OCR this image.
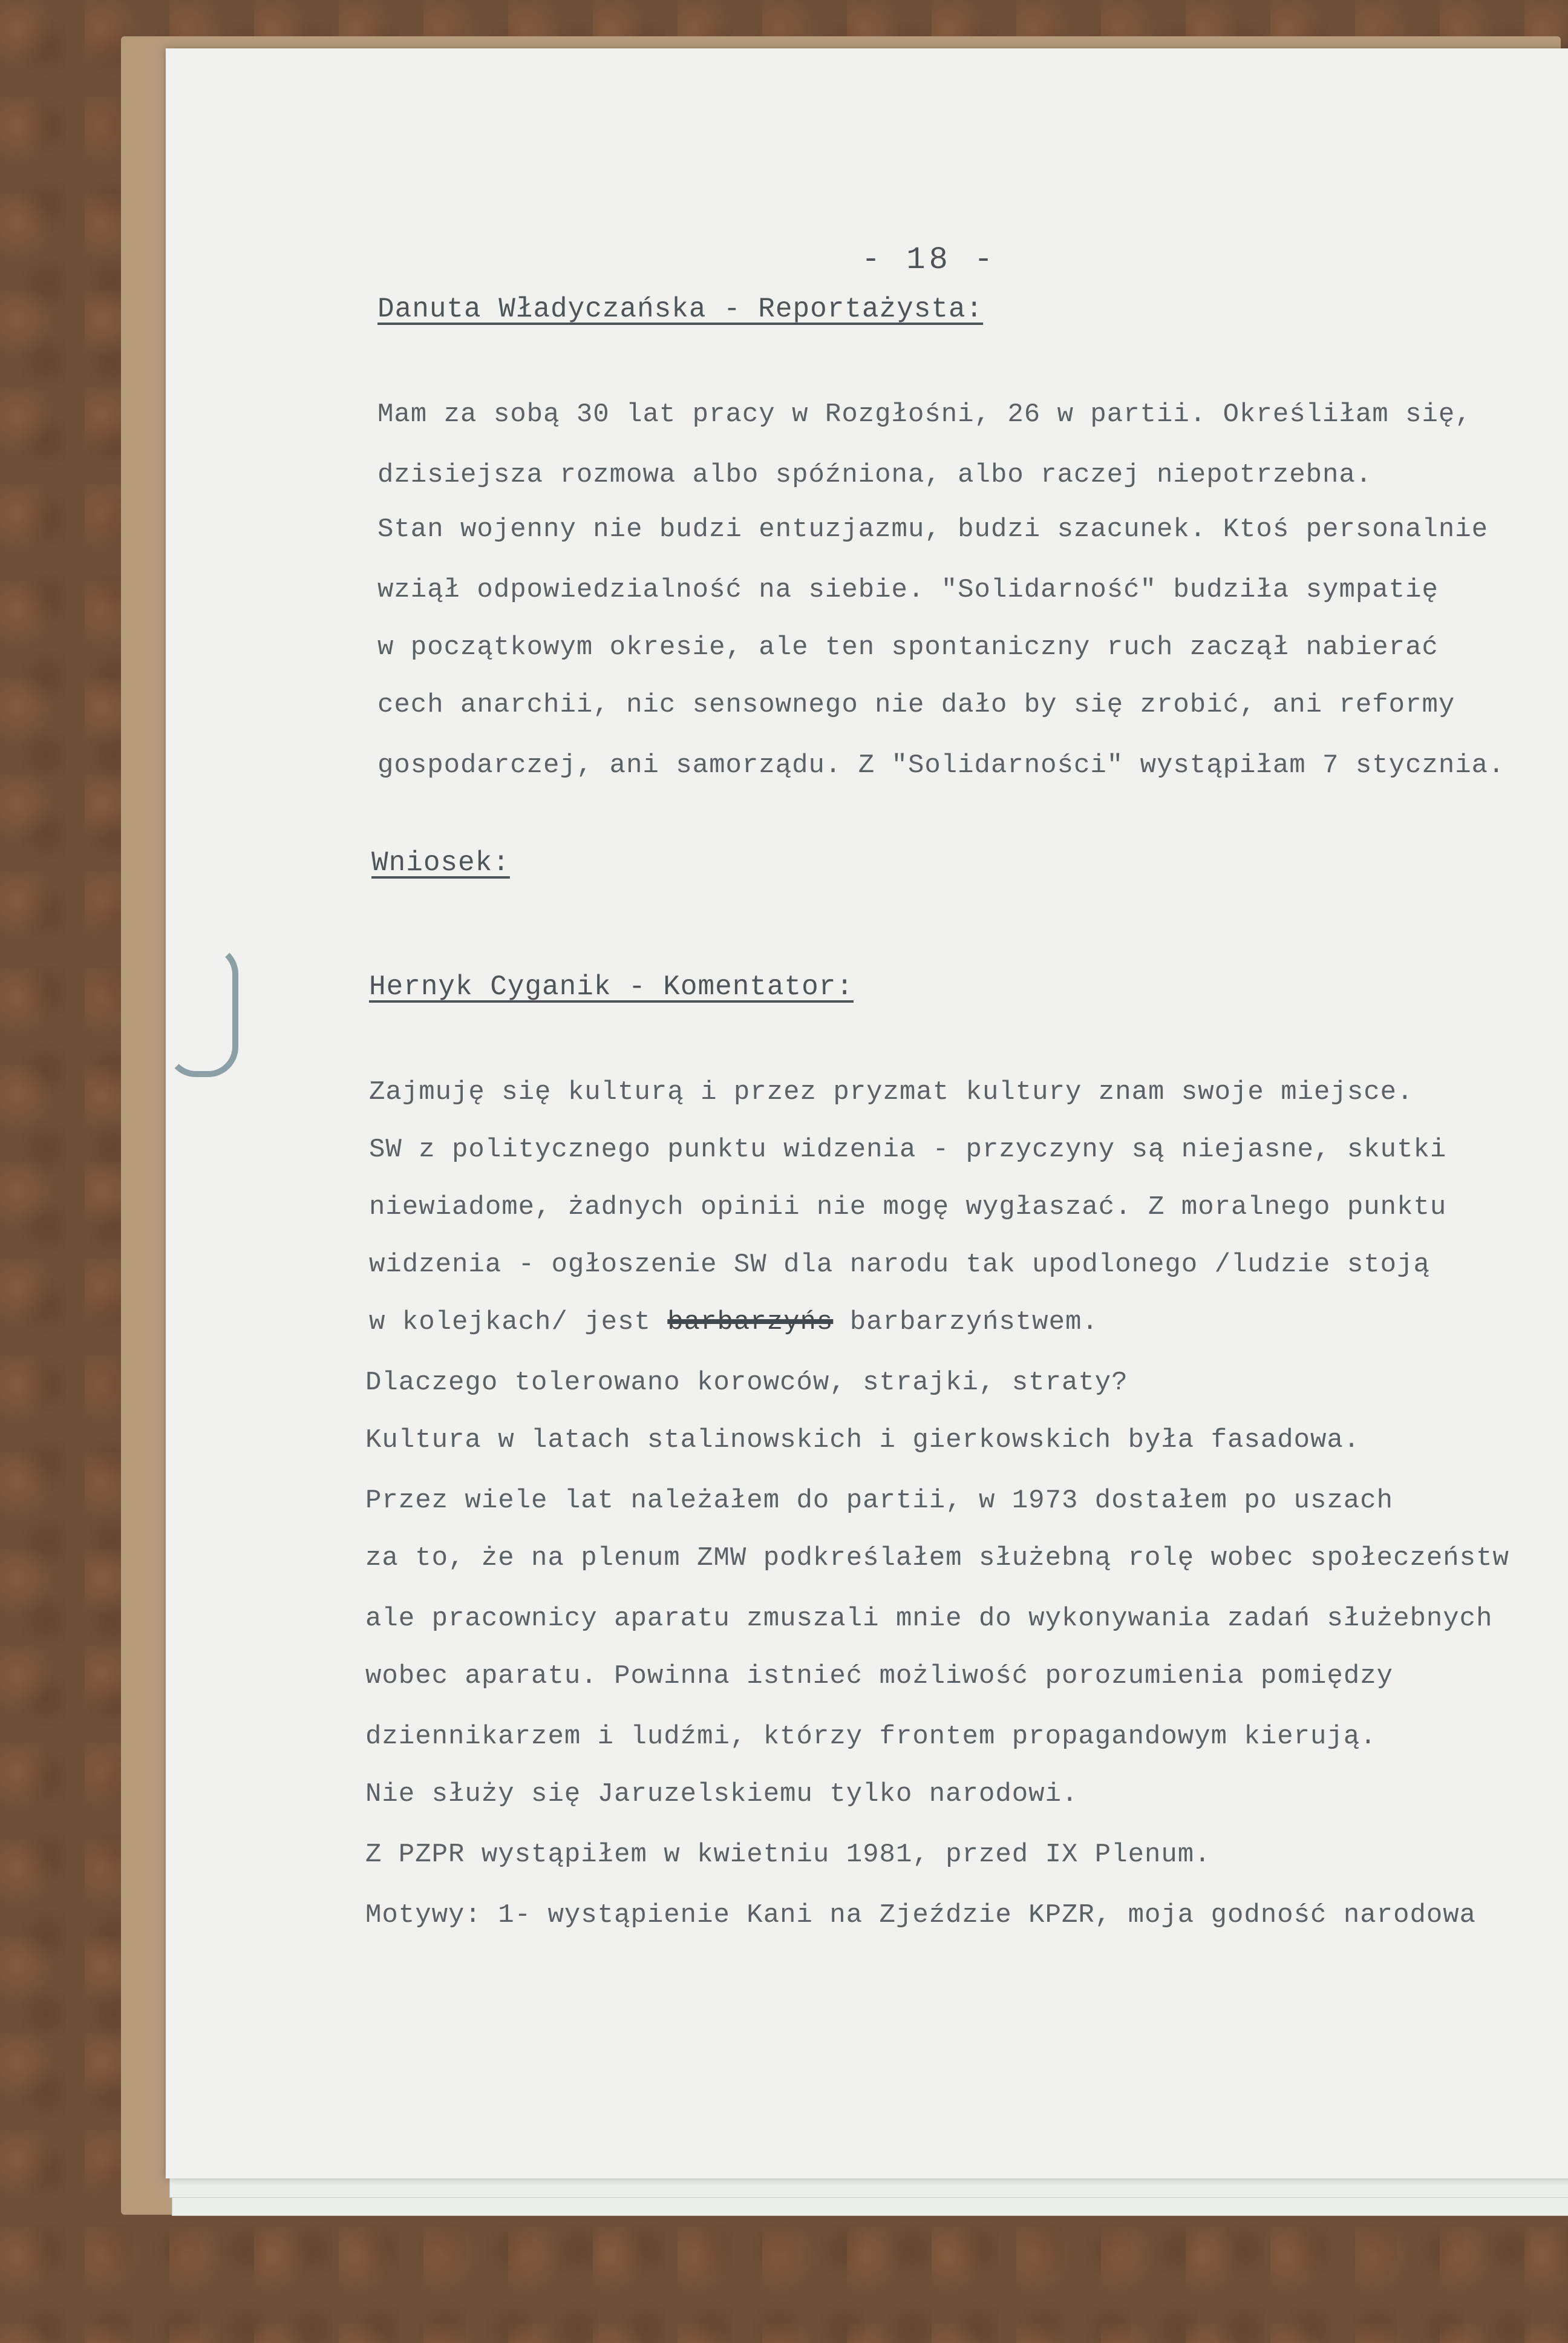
- 18 -
Danuta Władyczańska - Reportażysta:
Mam za sobą 30 lat pracy w Rozgłośni, 26 w partii. Określiłam się,
dzisiejsza rozmowa albo spóźniona, albo raczej niepotrzebna.
Stan wojenny nie budzi entuzjazmu, budzi szacunek. Ktoś personalnie
wziął odpowiedzialność na siebie. "Solidarność" budziła sympatię
w początkowym okresie, ale ten spontaniczny ruch zaczął nabierać
cech anarchii, nic sensownego nie dało by się zrobić, ani reformy
gospodarczej, ani samorządu. Z "Solidarności" wystąpiłam 7 stycznia.
Wniosek:
Hernyk Cyganik - Komentator:
Zajmuję się kulturą i przez pryzmat kultury znam swoje miejsce.
SW z politycznego punktu widzenia - przyczyny są niejasne, skutki
niewiadome, żadnych opinii nie mogę wygłaszać. Z moralnego punktu
widzenia - ogłoszenie SW dla narodu tak upodlonego /ludzie stoją
w kolejkach/ jest barbarzyńs barbarzyństwem.
Dlaczego tolerowano korowców, strajki, straty?
Kultura w latach stalinowskich i gierkowskich była fasadowa.
Przez wiele lat należałem do partii, w 1973 dostałem po uszach
za to, że na plenum ZMW podkreślałem służebną rolę wobec społeczeństw
ale pracownicy aparatu zmuszali mnie do wykonywania zadań służebnych
wobec aparatu. Powinna istnieć możliwość porozumienia pomiędzy
dziennikarzem i ludźmi, którzy frontem propagandowym kierują.
Nie służy się Jaruzelskiemu tylko narodowi.
Z PZPR wystąpiłem w kwietniu 1981, przed IX Plenum.
Motywy: 1- wystąpienie Kani na Zjeździe KPZR, moja godność narodowa
